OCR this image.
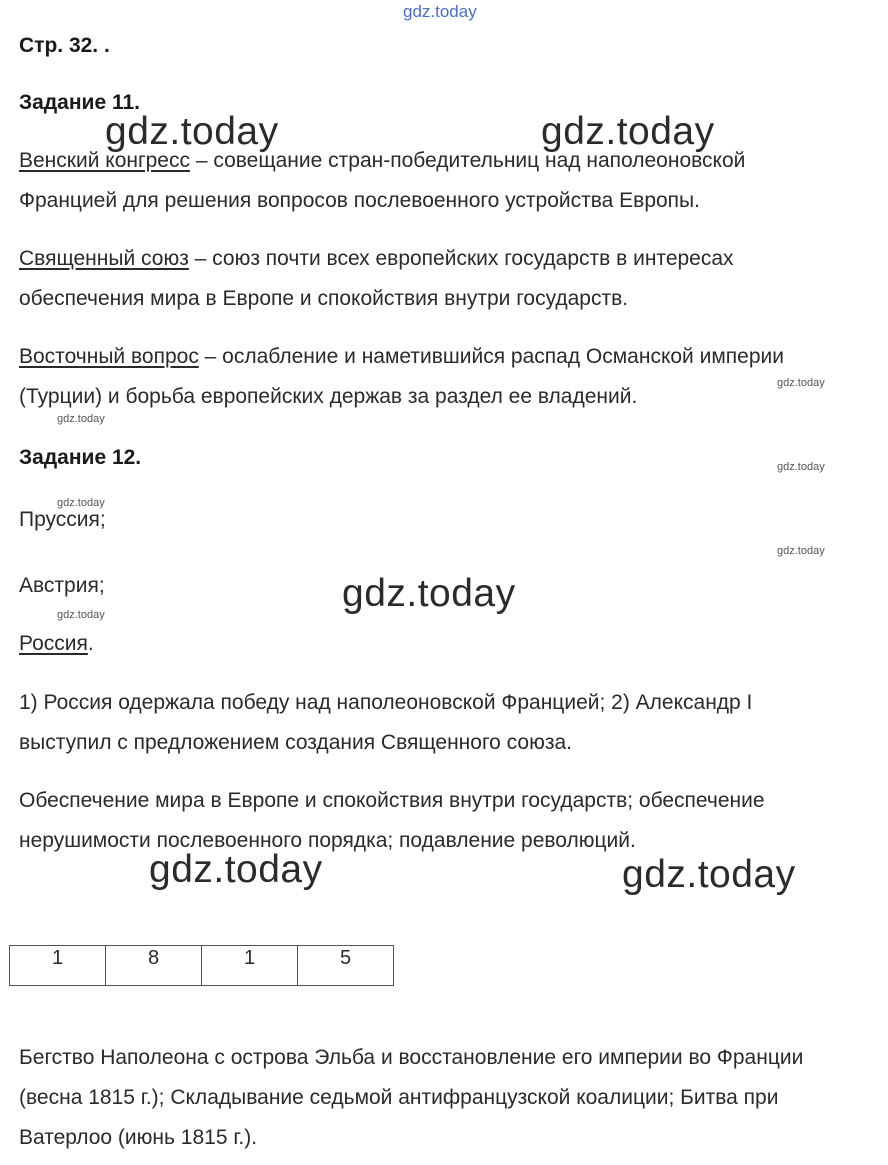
gdz.today
Стр. 32. .
Задание 11.
gdz.today	gdz.today
Венский конгресс – совещание стран-победительниц над наполеоновской
Францией для решения вопросов послевоенного устройства Европы.
Священный союз – союз почти всех европейских государств в интересах
обеспечения мира в Европе и спокойствия внутри государств.
Восточный вопрос – ослабление и наметившийся распад Османской империи
(Турции) и борьба европейских держав за раздел ее владений.
gdz.today
gdz.today
Задание 12.	gdz.today
gdz.today
Пруссия;
gdz.today
Австрия;	gdz.today
gdz.today
Россия.
1) Россия одержала победу над наполеоновской Францией; 2) Александр I
выступил с предложением создания Священного союза.
Обеспечение мира в Европе и спокойствия внутри государств; обеспечение
нерушимости послевоенного порядка; подавление революций.
gdz.today	gdz.today
1	8	1	5
Бегство Наполеона с острова Эльба и восстановление его империи во Франции
(весна 1815 г.); Складывание седьмой антифранцузской коалиции; Битва при
Ватерлоо (июнь 1815 г.).
